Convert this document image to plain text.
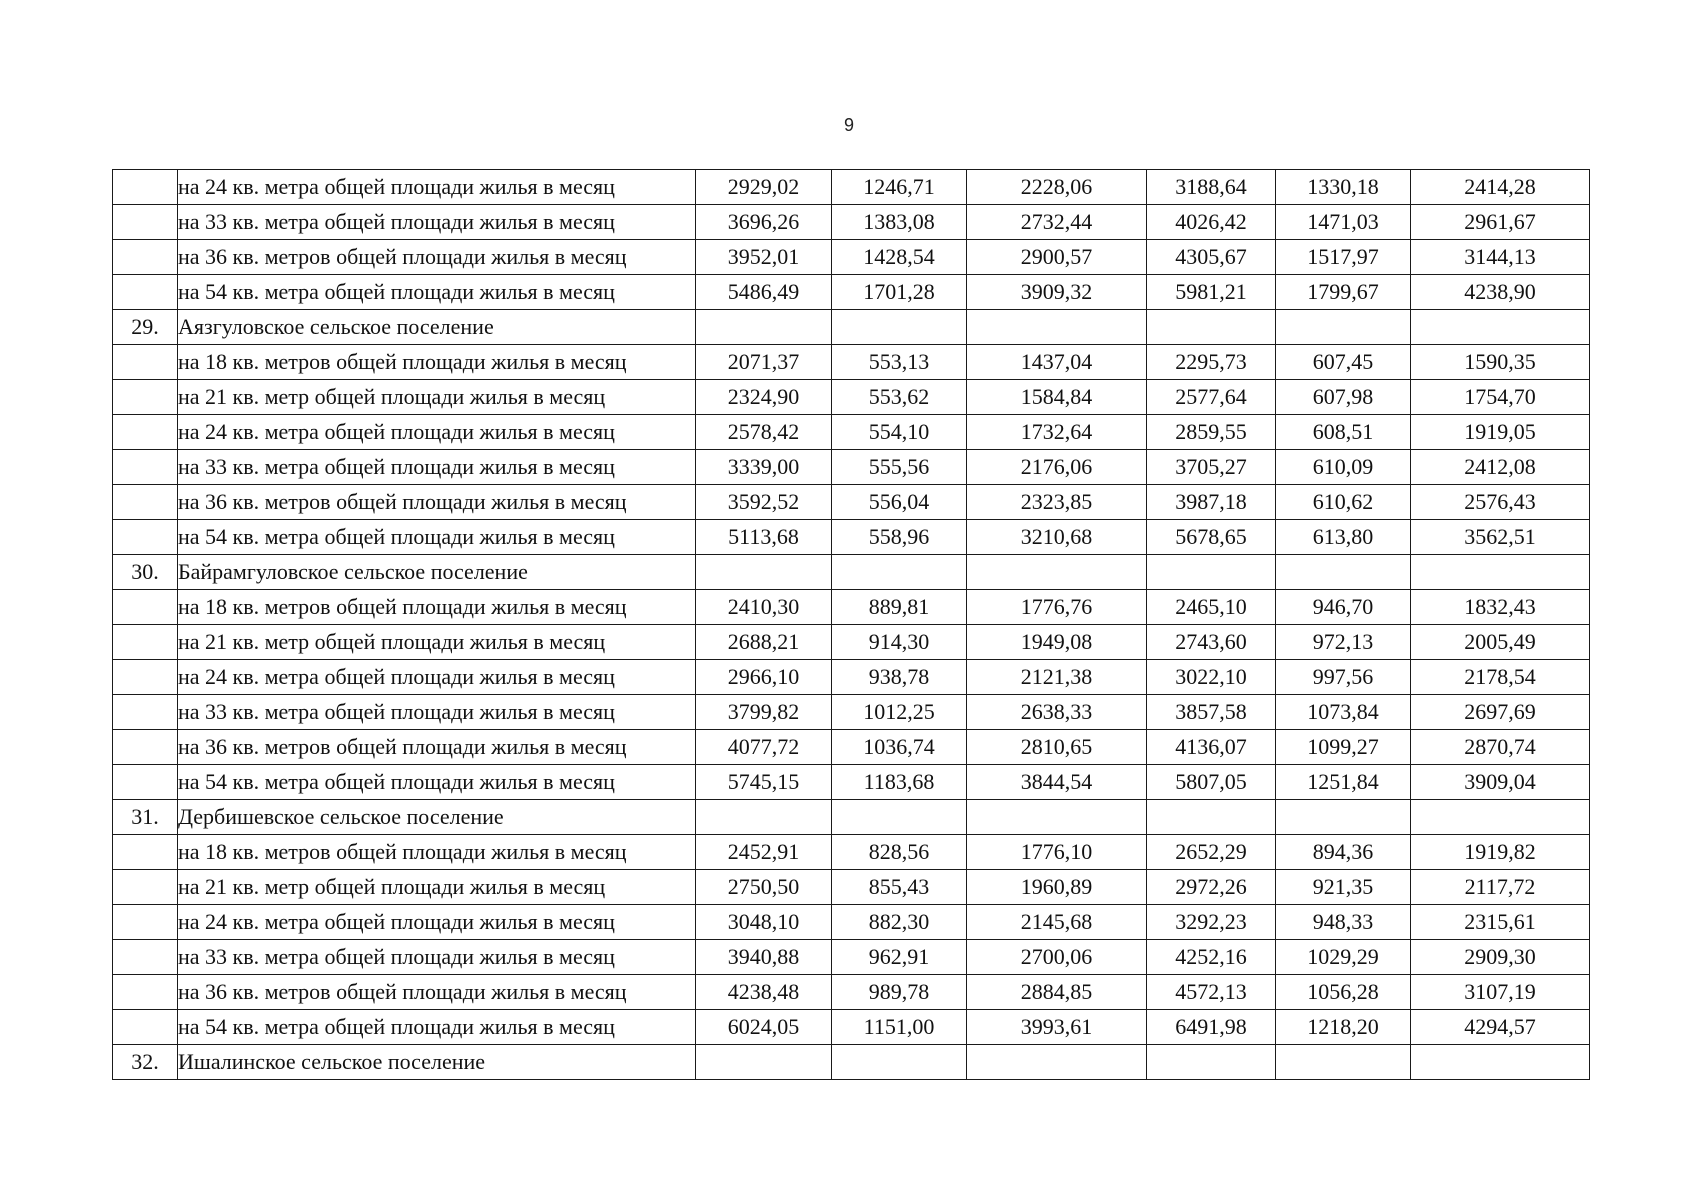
9
	на 24 кв. метра общей площади жилья в месяц	2929,02	1246,71	2228,06	3188,64	1330,18	2414,28
	на 33 кв. метра общей площади жилья в месяц	3696,26	1383,08	2732,44	4026,42	1471,03	2961,67
	на 36 кв. метров общей площади жилья в месяц	3952,01	1428,54	2900,57	4305,67	1517,97	3144,13
	на 54 кв. метра общей площади жилья в месяц	5486,49	1701,28	3909,32	5981,21	1799,67	4238,90
29.	Аязгуловское сельское поселение						
	на 18 кв. метров общей площади жилья в месяц	2071,37	553,13	1437,04	2295,73	607,45	1590,35
	на 21 кв. метр общей площади жилья в месяц	2324,90	553,62	1584,84	2577,64	607,98	1754,70
	на 24 кв. метра общей площади жилья в месяц	2578,42	554,10	1732,64	2859,55	608,51	1919,05
	на 33 кв. метра общей площади жилья в месяц	3339,00	555,56	2176,06	3705,27	610,09	2412,08
	на 36 кв. метров общей площади жилья в месяц	3592,52	556,04	2323,85	3987,18	610,62	2576,43
	на 54 кв. метра общей площади жилья в месяц	5113,68	558,96	3210,68	5678,65	613,80	3562,51
30.	Байрамгуловское сельское поселение						
	на 18 кв. метров общей площади жилья в месяц	2410,30	889,81	1776,76	2465,10	946,70	1832,43
	на 21 кв. метр общей площади жилья в месяц	2688,21	914,30	1949,08	2743,60	972,13	2005,49
	на 24 кв. метра общей площади жилья в месяц	2966,10	938,78	2121,38	3022,10	997,56	2178,54
	на 33 кв. метра общей площади жилья в месяц	3799,82	1012,25	2638,33	3857,58	1073,84	2697,69
	на 36 кв. метров общей площади жилья в месяц	4077,72	1036,74	2810,65	4136,07	1099,27	2870,74
	на 54 кв. метра общей площади жилья в месяц	5745,15	1183,68	3844,54	5807,05	1251,84	3909,04
31.	Дербишевское сельское поселение						
	на 18 кв. метров общей площади жилья в месяц	2452,91	828,56	1776,10	2652,29	894,36	1919,82
	на 21 кв. метр общей площади жилья в месяц	2750,50	855,43	1960,89	2972,26	921,35	2117,72
	на 24 кв. метра общей площади жилья в месяц	3048,10	882,30	2145,68	3292,23	948,33	2315,61
	на 33 кв. метра общей площади жилья в месяц	3940,88	962,91	2700,06	4252,16	1029,29	2909,30
	на 36 кв. метров общей площади жилья в месяц	4238,48	989,78	2884,85	4572,13	1056,28	3107,19
	на 54 кв. метра общей площади жилья в месяц	6024,05	1151,00	3993,61	6491,98	1218,20	4294,57
32.	Ишалинское сельское поселение						
